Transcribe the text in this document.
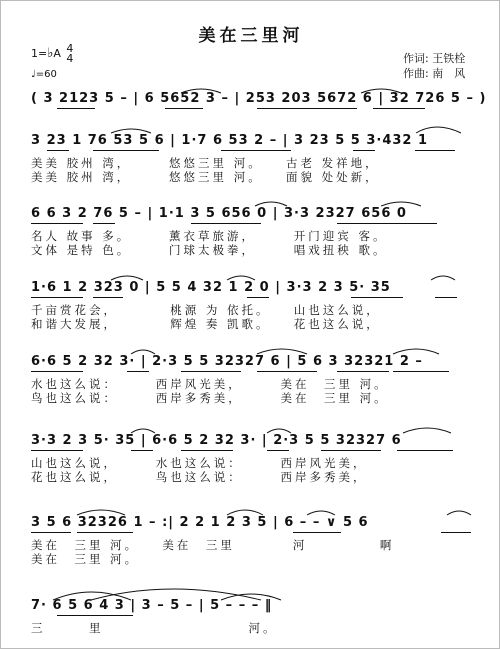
美在三里河
1=♭A 4
4
♩=60
作词: 王铁栓
作曲: 南　风
( 3 2123 5 – | 6 5652 3 – | 253 203 5672 6 | 32 726 5 – )
3 23 1 76 53 5 6 | 1·7 6 53 2 – | 3 23 5 5 3·432 1
美美 胶州 湾，　　　悠悠三里 河。　　古老 发祥地，
美美 胶州 湾，　　　悠悠三里 河。　　面貌 处处新，
6 6 3 2 76 5 – | 1·1 3 5 656 0 | 3·3 2327 656 0
名人 故事 多。　　　薰衣草旅游，　　　开门迎宾 客。
文体 是特 色。　　　门球太极拳，　　　唱戏扭秧 歌。
1·6 1 2 323 0 | 5 5 4 32 1 2 0 | 3·3 2 3 5· 35
千亩赏花会，　　　　桃源 为 依托。　　山也这么说，
和谐大发展，　　　　辉煌 奏 凯歌。　　花也这么说，
6·6 5 2 32 3· | 2·3 5 5 32327 6 | 5 6 3 32321 2 –
水也这么说：　　　西岸风光美，　　　美在　三里 河。
鸟也这么说：　　　西岸多秀美，　　　美在　三里 河。
3·3 2 3 5· 35 | 6·6 5 2 32 3· | 2·3 5 5 32327 6
山也这么说，　　　水也这么说：　　　西岸风光美，
花也这么说，　　　鸟也这么说：　　　西岸多秀美，
3 5 6 32326 1 – :| 2 2 1 2 3 5 | 6 – – ∨ 5 6
美在　三里 河。　　美在　三里　　　　河　　　　　啊
美在　三里 河。
7· 6 5 6 4 3 | 3 – 5 – | 5 – – – ‖
三　　　里　　　　　　　　　　河。
